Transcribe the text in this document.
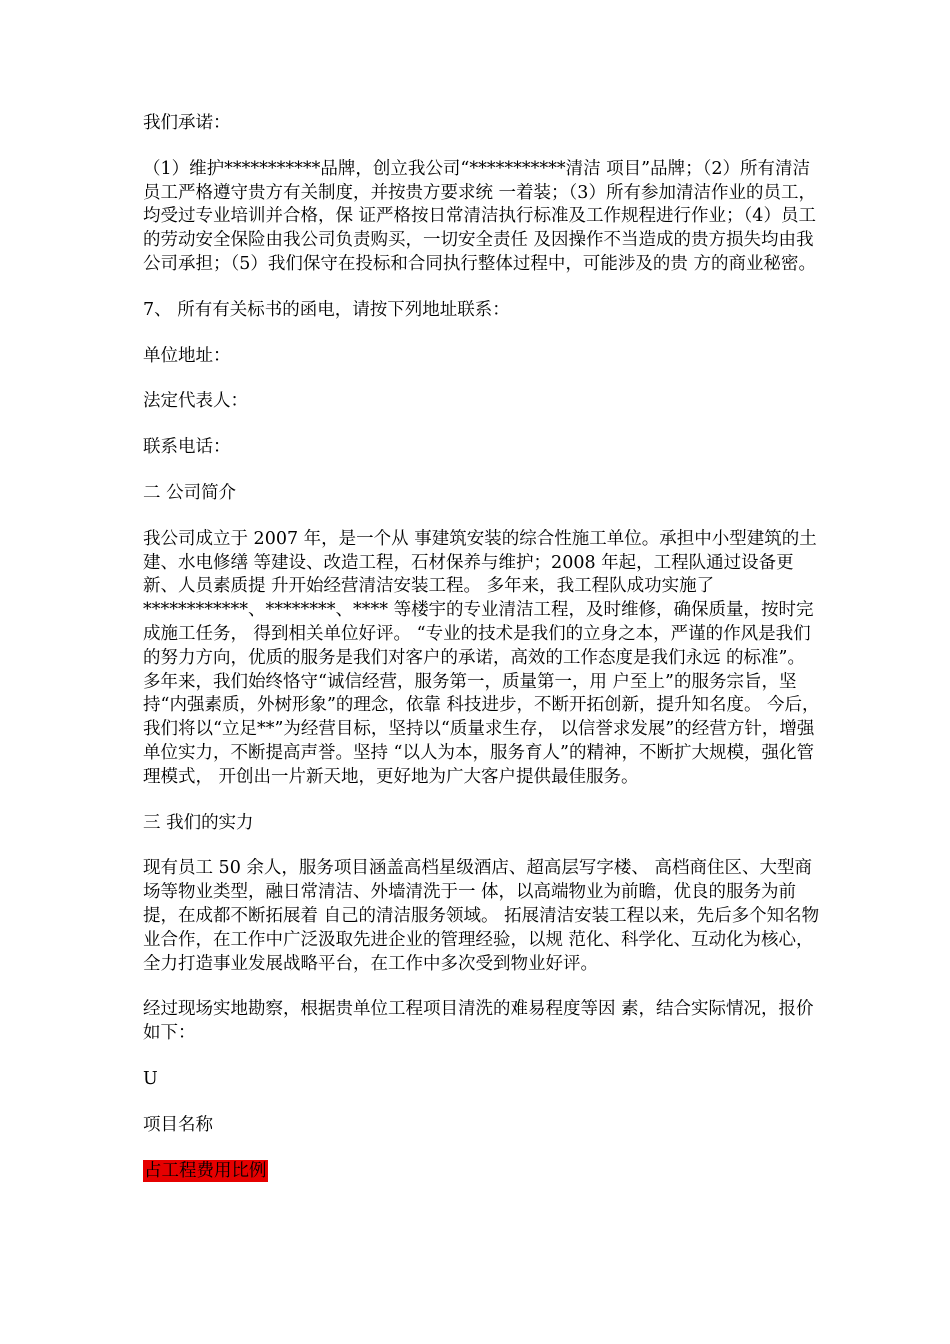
我们承诺：

（1）维护***********品牌，创立我公司“***********清洁 项目”品牌；（2）所有清洁员工严格遵守贵方有关制度，并按贵方要求统 一着装；（3）所有参加清洁作业的员工，均受过专业培训并合格，保 证严格按日常清洁执行标准及工作规程进行作业；（4）员工的劳动安全保险由我公司负责购买，一切安全责任 及因操作不当造成的贵方损失均由我公司承担；（5）我们保守在投标和合同执行整体过程中，可能涉及的贵 方的商业秘密。

7、 所有有关标书的函电，请按下列地址联系：

单位地址：

法定代表人：

联系电话：

二 公司简介

我公司成立于 2007 年，是一个从 事建筑安装的综合性施工单位。承担中小型建筑的土建、水电修缮 等建设、改造工程，石材保养与维护；2008 年起，工程队通过设备更新、人员素质提 升开始经营清洁安装工程。 多年来，我工程队成功实施了************、********、**** 等楼宇的专业清洁工程，及时维修，确保质量，按时完成施工任务， 得到相关单位好评。 “专业的技术是我们的立身之本，严谨的作风是我们的努力方向，优质的服务是我们对客户的承诺，高效的工作态度是我们永远 的标准”。 多年来，我们始终恪守“诚信经营，服务第一，质量第一，用 户至上”的服务宗旨，坚持“内强素质，外树形象”的理念，依靠 科技进步，不断开拓创新，提升知名度。 今后，我们将以“立足**”为经营目标，坚持以“质量求生存， 以信誉求发展”的经营方针，增强单位实力，不断提高声誉。坚持 “以人为本，服务育人”的精神，不断扩大规模，强化管理模式， 开创出一片新天地，更好地为广大客户提供最佳服务。

三 我们的实力

现有员工 50 余人，服务项目涵盖高档星级酒店、超高层写字楼、 高档商住区、大型商场等物业类型，融日常清洁、外墙清洗于一 体，以高端物业为前瞻，优良的服务为前提，在成都不断拓展着 自己的清洁服务领域。 拓展清洁安装工程以来，先后多个知名物业合作，在工作中广泛汲取先进企业的管理经验，以规 范化、科学化、互动化为核心，全力打造事业发展战略平台，在工作中多次受到物业好评。

经过现场实地勘察，根据贵单位工程项目清洗的难易程度等因 素，结合实际情况，报价如下：

U

项目名称

占工程费用比例
